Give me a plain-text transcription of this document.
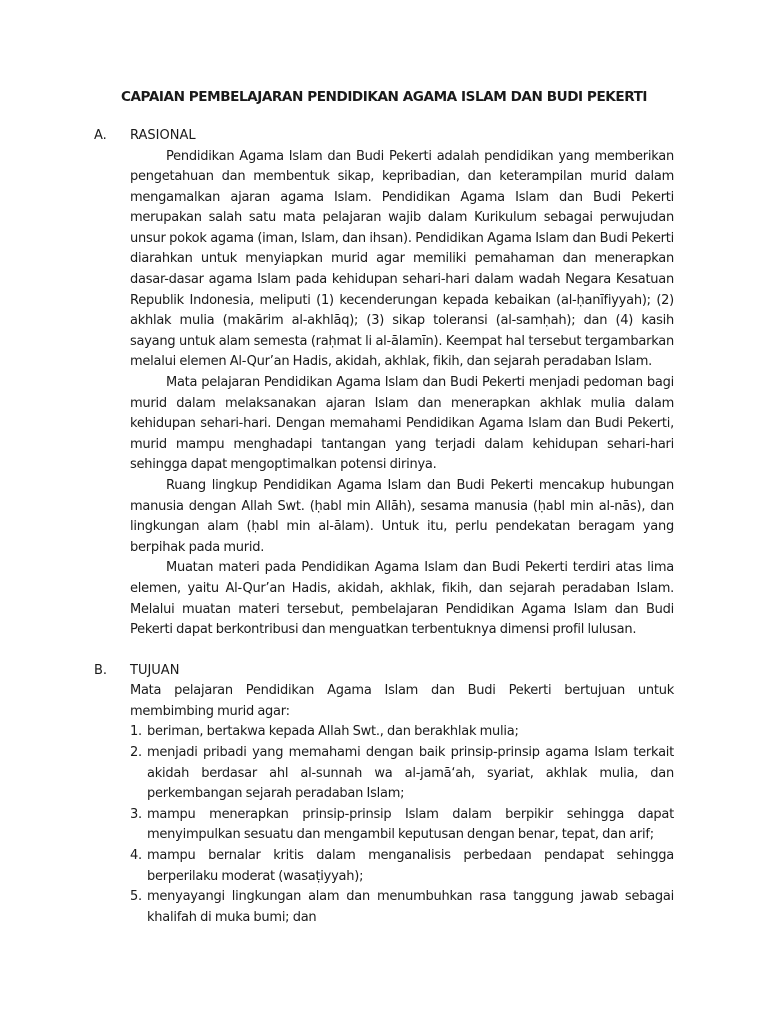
CAPAIAN PEMBELAJARAN PENDIDIKAN AGAMA ISLAM DAN BUDI PEKERTI
A.	RASIONAL

Pendidikan Agama Islam dan Budi Pekerti adalah pendidikan yang memberikan pengetahuan dan membentuk sikap, kepribadian, dan keterampilan murid dalam mengamalkan ajaran agama Islam. Pendidikan Agama Islam dan Budi Pekerti merupakan salah satu mata pelajaran wajib dalam Kurikulum sebagai perwujudan unsur pokok agama (iman, Islam, dan ihsan). Pendidikan Agama Islam dan Budi Pekerti diarahkan untuk menyiapkan murid agar memiliki pemahaman dan menerapkan dasar-dasar agama Islam pada kehidupan sehari-hari dalam wadah Negara Kesatuan Republik Indonesia, meliputi (1) kecenderungan kepada kebaikan (al-ḥanīfiyyah); (2) akhlak mulia (makārim al-akhlāq); (3) sikap toleransi (al-samḥah); dan (4) kasih sayang untuk alam semesta (raḥmat li al-ālamīn). Keempat hal tersebut tergambarkan melalui elemen Al-Qur’an Hadis, akidah, akhlak, fikih, dan sejarah peradaban Islam.

Mata pelajaran Pendidikan Agama Islam dan Budi Pekerti menjadi pedoman bagi murid dalam melaksanakan ajaran Islam dan menerapkan akhlak mulia dalam kehidupan sehari-hari. Dengan memahami Pendidikan Agama Islam dan Budi Pekerti, murid mampu menghadapi tantangan yang terjadi dalam kehidupan sehari-hari sehingga dapat mengoptimalkan potensi dirinya.

Ruang lingkup Pendidikan Agama Islam dan Budi Pekerti mencakup hubungan manusia dengan Allah Swt. (ḥabl min Allāh), sesama manusia (ḥabl min al-nās), dan lingkungan alam (ḥabl min al-ālam). Untuk itu, perlu pendekatan beragam yang berpihak pada murid.

Muatan materi pada Pendidikan Agama Islam dan Budi Pekerti terdiri atas lima elemen, yaitu Al-Qur’an Hadis, akidah, akhlak, fikih, dan sejarah peradaban Islam. Melalui muatan materi tersebut, pembelajaran Pendidikan Agama Islam dan Budi Pekerti dapat berkontribusi dan menguatkan terbentuknya dimensi profil lulusan.

B.	TUJUAN

Mata pelajaran Pendidikan Agama Islam dan Budi Pekerti bertujuan untuk membimbing murid agar:

1. beriman, bertakwa kepada Allah Swt., dan berakhlak mulia;
2. menjadi pribadi yang memahami dengan baik prinsip-prinsip agama Islam terkait akidah berdasar ahl al-sunnah wa al-jamā‘ah, syariat, akhlak mulia, dan perkembangan sejarah peradaban Islam;
3. mampu menerapkan prinsip-prinsip Islam dalam berpikir sehingga dapat menyimpulkan sesuatu dan mengambil keputusan dengan benar, tepat, dan arif;
4. mampu bernalar kritis dalam menganalisis perbedaan pendapat sehingga berperilaku moderat (wasaṭiyyah);
5. menyayangi lingkungan alam dan menumbuhkan rasa tanggung jawab sebagai khalifah di muka bumi; dan
